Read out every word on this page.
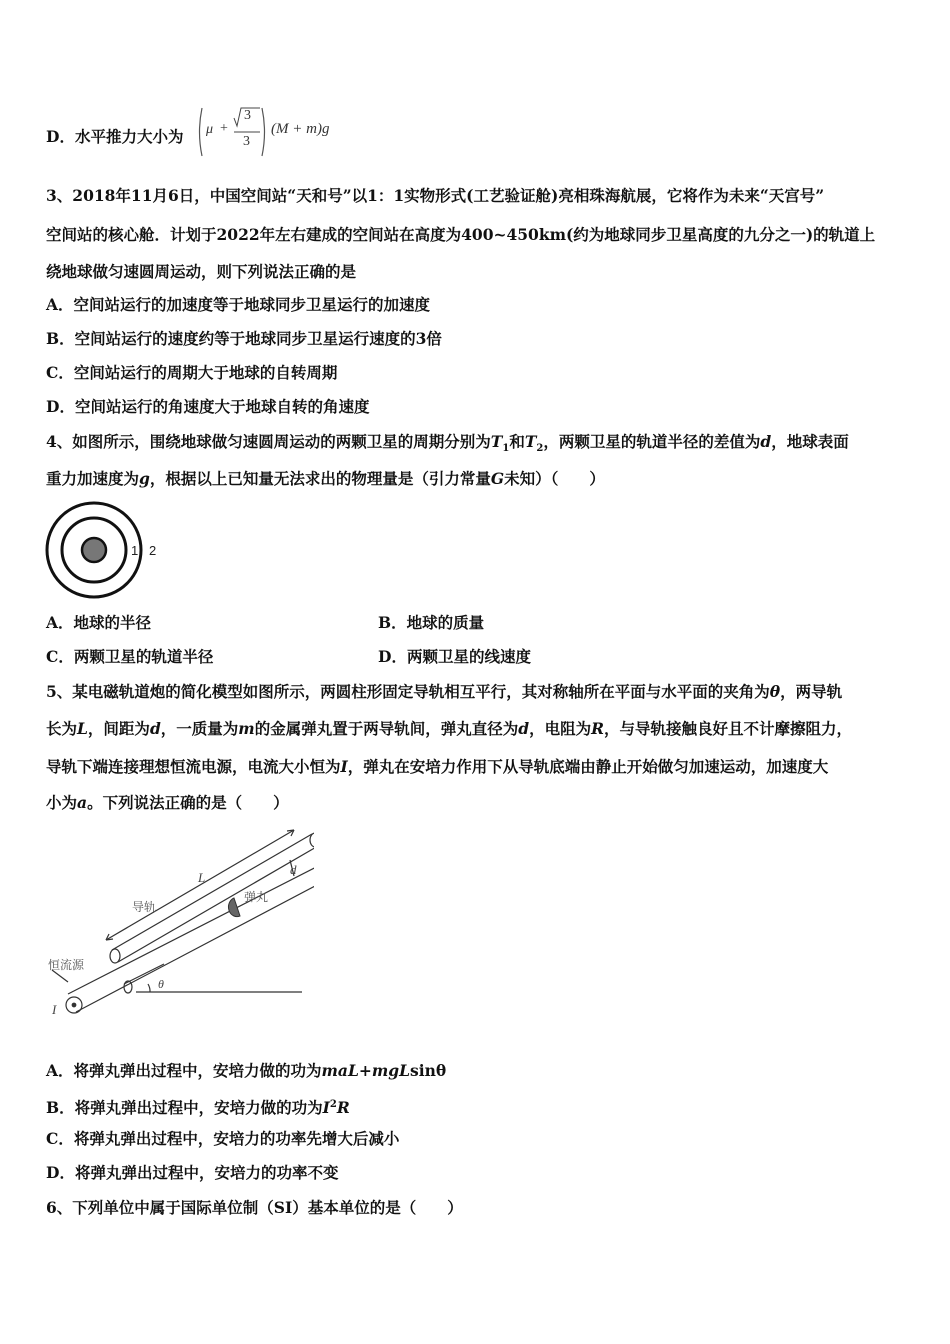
D．水平推力大小为 μ +
3
3
(M + m)g
3、2018年11月6日，中国空间站“天和号”以1：1实物形式(工艺验证舱)亮相珠海航展，它将作为未来“天宫号”
空间站的核心舱．计划于2022年左右建成的空间站在高度为400~450km(约为地球同步卫星高度的九分之一)的轨道上
绕地球做匀速圆周运动，则下列说法正确的是
A．空间站运行的加速度等于地球同步卫星运行的加速度
B．空间站运行的速度约等于地球同步卫星运行速度的3倍
C．空间站运行的周期大于地球的自转周期
D．空间站运行的角速度大于地球自转的角速度
4、如图所示，围绕地球做匀速圆周运动的两颗卫星的周期分别为$T_1$和$T_2$，两颗卫星的轨道半径的差值为d，地球表面
重力加速度为g，根据以上已知量无法求出的物理量是（引力常量G未知）（　　）
1 2
A．地球的半径	B．地球的质量
C．两颗卫星的轨道半径	D．两颗卫星的线速度
5、某电磁轨道炮的简化模型如图所示，两圆柱形固定导轨相互平行，其对称轴所在平面与水平面的夹角为θ，两导轨
长为L，间距为d，一质量为m的金属弹丸置于两导轨间，弹丸直径为d，电阻为R，与导轨接触良好且不计摩擦阻力，
导轨下端连接理想恒流电源，电流大小恒为I，弹丸在安培力作用下从导轨底端由静止开始做匀加速运动，加速度大
小为a。下列说法正确的是（　　）
L
导轨
弹丸
d
恒流源
I
θ
A．将弹丸弹出过程中，安培力做的功为maL+mgLsinθ
B．将弹丸弹出过程中，安培力做的功为$I^2R$
C．将弹丸弹出过程中，安培力的功率先增大后减小
D．将弹丸弹出过程中，安培力的功率不变
6、下列单位中属于国际单位制（SI）基本单位的是（　　）
